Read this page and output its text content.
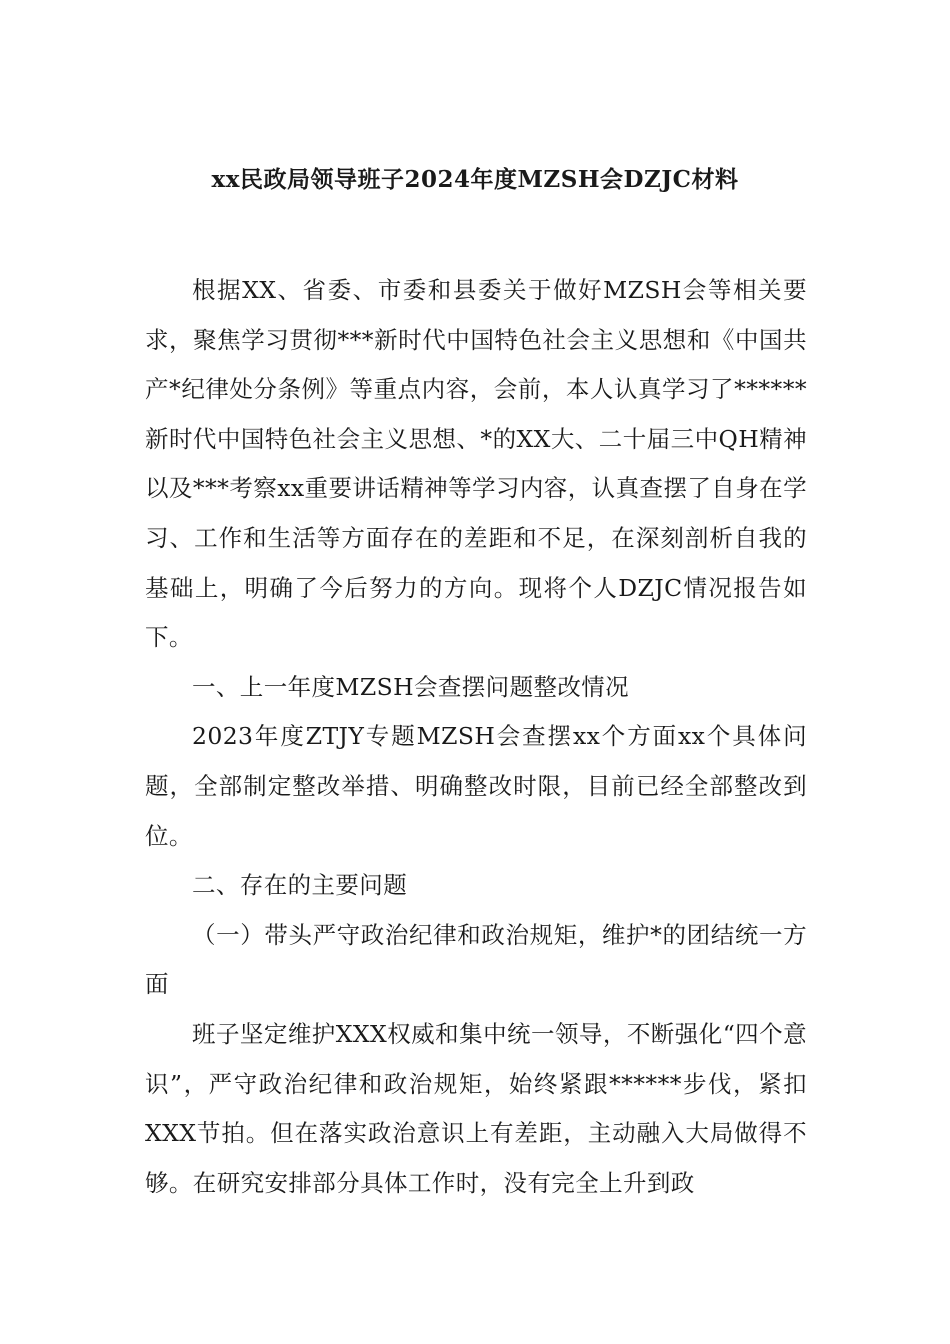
xx民政局领导班子2024年度MZSH会DZJC材料

根据XX、省委、市委和县委关于做好MZSH会等相关要求，聚焦学习贯彻***新时代中国特色社会主义思想和《中国共产*纪律处分条例》等重点内容，会前，本人认真学习了******新时代中国特色社会主义思想、*的XX大、二十届三中QH精神以及***考察xx重要讲话精神等学习内容，认真查摆了自身在学习、工作和生活等方面存在的差距和不足，在深刻剖析自我的基础上，明确了今后努力的方向。现将个人DZJC情况报告如下。

一、上一年度MZSH会查摆问题整改情况

2023年度ZTJY专题MZSH会查摆xx个方面xx个具体问题，全部制定整改举措、明确整改时限，目前已经全部整改到位。

二、存在的主要问题

（一）带头严守政治纪律和政治规矩，维护*的团结统一方面

班子坚定维护XXX权威和集中统一领导，不断强化“四个意识”，严守政治纪律和政治规矩，始终紧跟******步伐，紧扣XXX节拍。但在落实政治意识上有差距，主动融入大局做得不够。在研究安排部分具体工作时，没有完全上升到政
